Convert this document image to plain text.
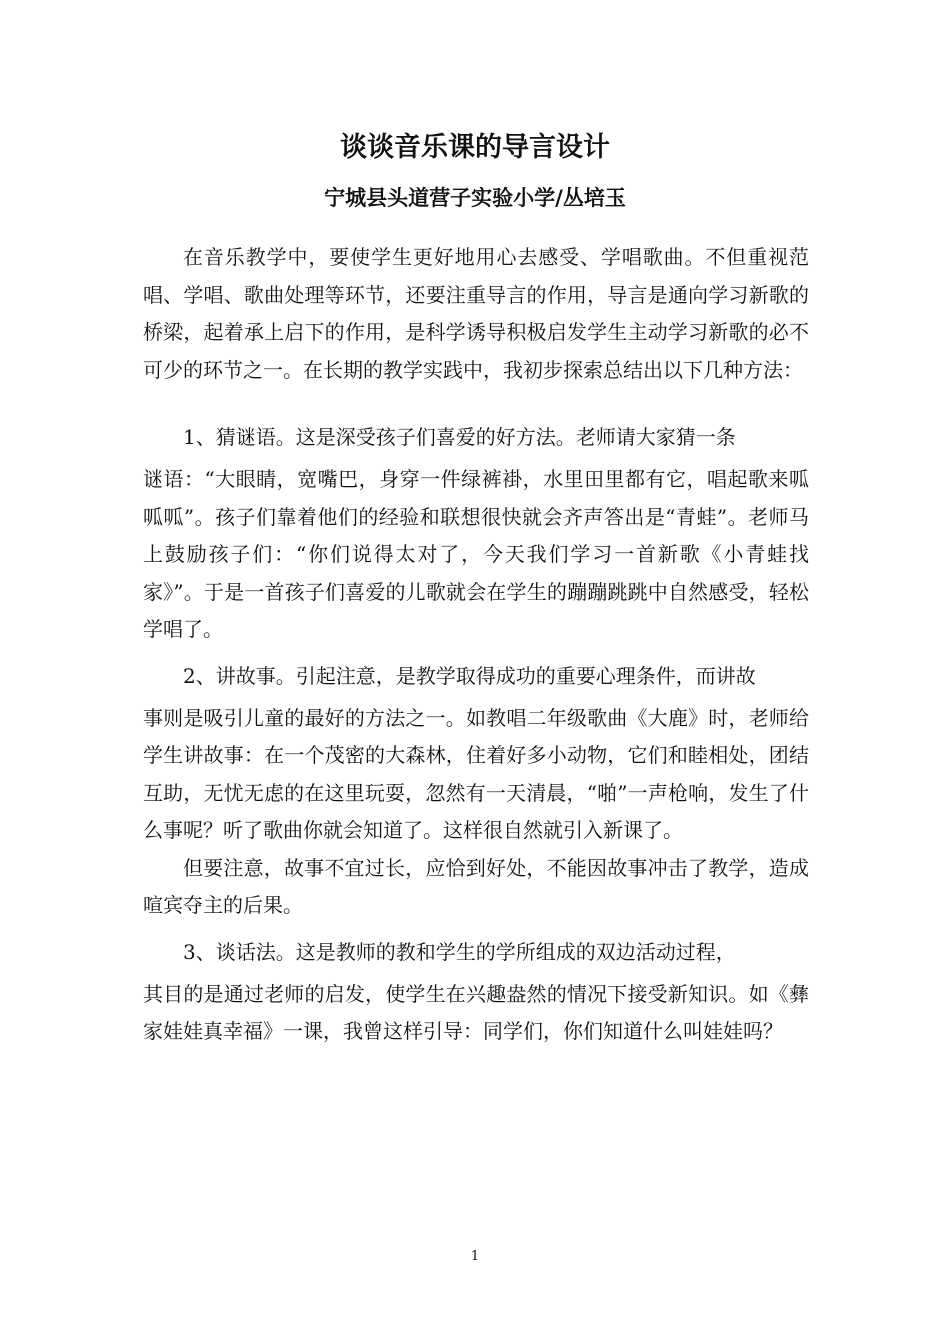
谈谈音乐课的导言设计
宁城县头道营子实验小学/丛培玉

在音乐教学中，要使学生更好地用心去感受、学唱歌曲。不但重视范唱、学唱、歌曲处理等环节，还要注重导言的作用，导言是通向学习新歌的桥梁，起着承上启下的作用，是科学诱导积极启发学生主动学习新歌的必不可少的环节之一。在长期的教学实践中，我初步探索总结出以下几种方法：

1、猜谜语。这是深受孩子们喜爱的好方法。老师请大家猜一条

谜语：“大眼睛，宽嘴巴，身穿一件绿裤褂，水里田里都有它，唱起歌来呱呱呱”。孩子们靠着他们的经验和联想很快就会齐声答出是“青蛙”。老师马上鼓励孩子们：“你们说得太对了，今天我们学习一首新歌《小青蛙找家》”。于是一首孩子们喜爱的儿歌就会在学生的蹦蹦跳跳中自然感受，轻松学唱了。

2、讲故事。引起注意，是教学取得成功的重要心理条件，而讲故

事则是吸引儿童的最好的方法之一。如教唱二年级歌曲《大鹿》时，老师给学生讲故事：在一个茂密的大森林，住着好多小动物，它们和睦相处，团结互助，无忧无虑的在这里玩耍，忽然有一天清晨，“啪”一声枪响，发生了什么事呢？听了歌曲你就会知道了。这样很自然就引入新课了。

但要注意，故事不宜过长，应恰到好处，不能因故事冲击了教学，造成喧宾夺主的后果。

3、谈话法。这是教师的教和学生的学所组成的双边活动过程，

其目的是通过老师的启发，使学生在兴趣盎然的情况下接受新知识。如《彝家娃娃真幸福》一课，我曾这样引导：同学们，你们知道什么叫娃娃吗？

1
